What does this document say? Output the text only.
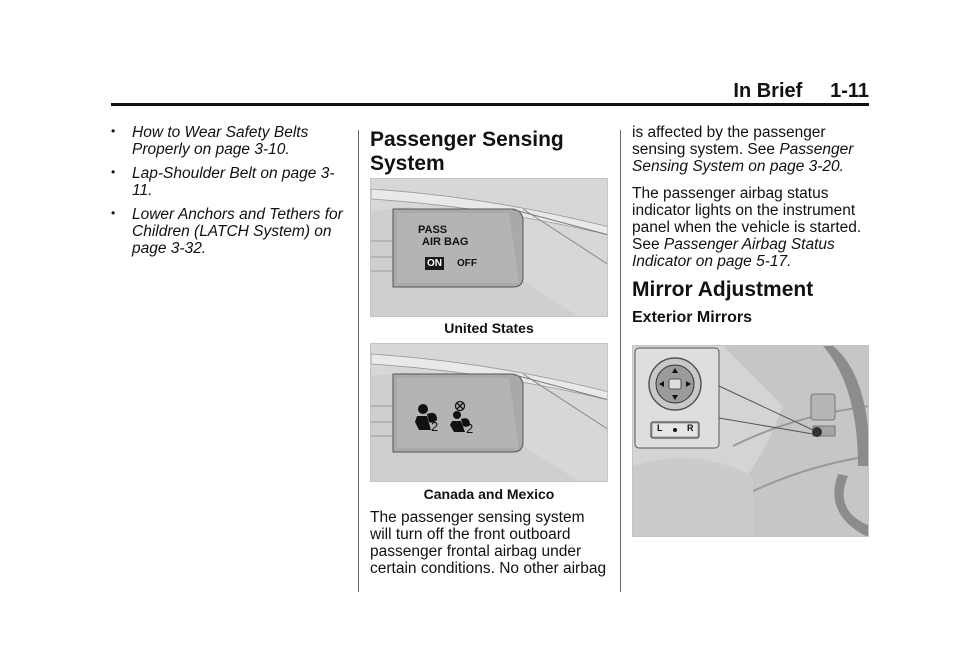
In Brief     1-11
• How to Wear Safety Belts Properly on page 3-10.
• Lap-Shoulder Belt on page 3-11.
• Lower Anchors and Tethers for Children (LATCH System) on page 3-32.
Passenger Sensing System
PASS
AIR BAG
ON OFF
United States
2 2
Canada and Mexico

The passenger sensing system will turn off the front outboard passenger frontal airbag under certain conditions. No other airbag

is affected by the passenger sensing system. See Passenger Sensing System on page 3-20.

The passenger airbag status indicator lights on the instrument panel when the vehicle is started. See Passenger Airbag Status Indicator on page 5-17.

Mirror Adjustment
Exterior Mirrors
L	R
